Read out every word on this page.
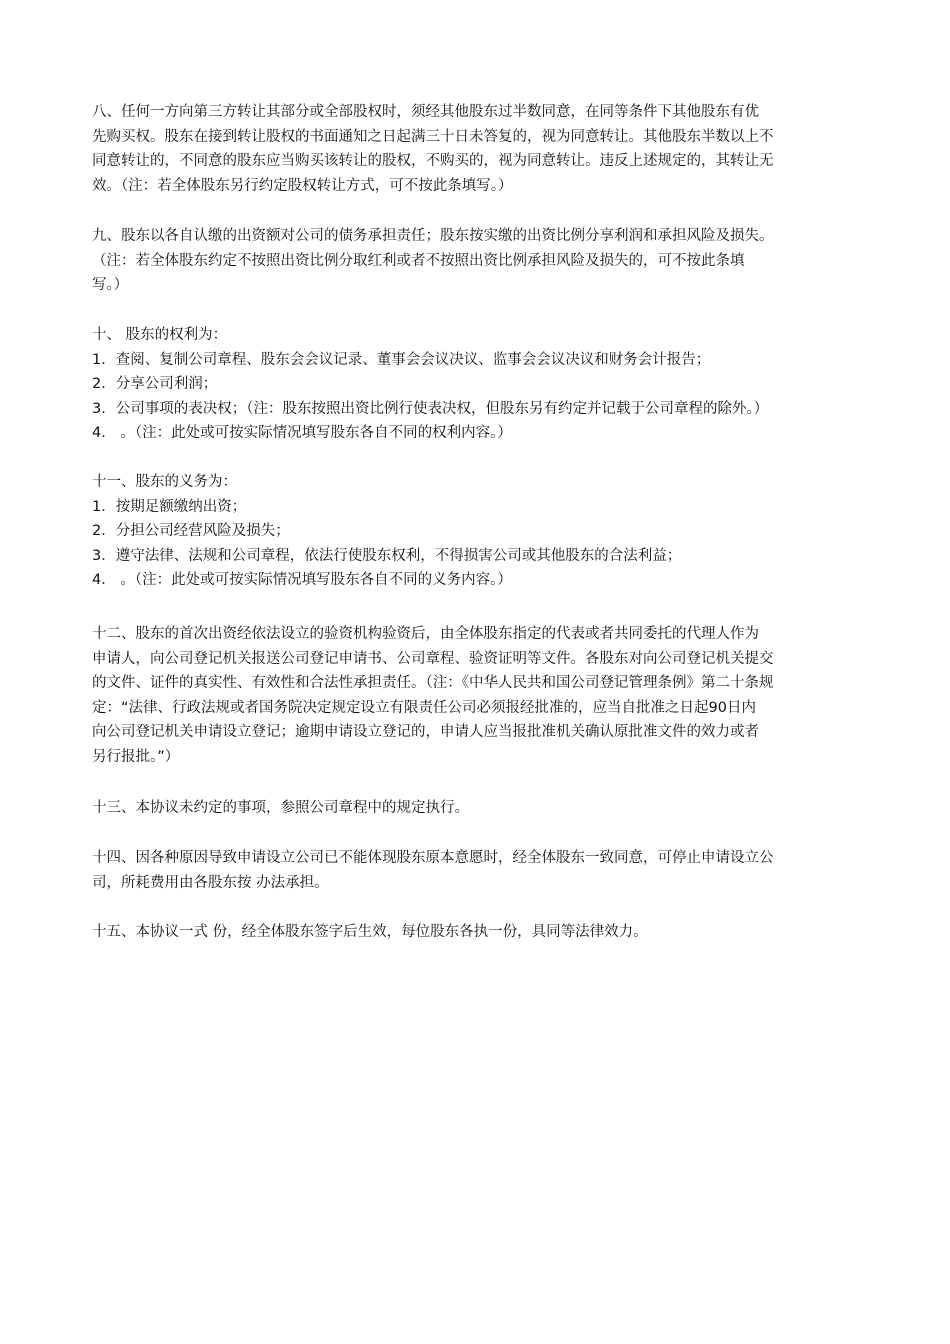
八、任何一方向第三方转让其部分或全部股权时，须经其他股东过半数同意，在同等条件下其他股东有优

先购买权。股东在接到转让股权的书面通知之日起满三十日未答复的，视为同意转让。其他股东半数以上不

同意转让的，不同意的股东应当购买该转让的股权，不购买的，视为同意转让。违反上述规定的，其转让无

效。（注：若全体股东另行约定股权转让方式，可不按此条填写。）

九、股东以各自认缴的出资额对公司的债务承担责任；股东按实缴的出资比例分享利润和承担风险及损失。

（注：若全体股东约定不按照出资比例分取红利或者不按照出资比例承担风险及损失的，可不按此条填

写。）

十、 股东的权利为：

1．查阅、复制公司章程、股东会会议记录、董事会会议决议、监事会会议决议和财务会计报告；

2．分享公司利润；

3．公司事项的表决权；（注：股东按照出资比例行使表决权，但股东另有约定并记载于公司章程的除外。）

4． 。（注：此处或可按实际情况填写股东各自不同的权利内容。）

十一、股东的义务为：

1．按期足额缴纳出资；

2．分担公司经营风险及损失；

3．遵守法律、法规和公司章程，依法行使股东权利，不得损害公司或其他股东的合法利益；

4． 。（注：此处或可按实际情况填写股东各自不同的义务内容。）

十二、股东的首次出资经依法设立的验资机构验资后，由全体股东指定的代表或者共同委托的代理人作为

申请人，向公司登记机关报送公司登记申请书、公司章程、验资证明等文件。各股东对向公司登记机关提交

的文件、证件的真实性、有效性和合法性承担责任。（注：《中华人民共和国公司登记管理条例》第二十条规

定：“法律、行政法规或者国务院决定规定设立有限责任公司必须报经批准的，应当自批准之日起90日内

向公司登记机关申请设立登记；逾期申请设立登记的，申请人应当报批准机关确认原批准文件的效力或者

另行报批。”）

十三、本协议未约定的事项，参照公司章程中的规定执行。

十四、因各种原因导致申请设立公司已不能体现股东原本意愿时，经全体股东一致同意，可停止申请设立公

司，所耗费用由各股东按 办法承担。

十五、本协议一式 份，经全体股东签字后生效，每位股东各执一份，具同等法律效力。
